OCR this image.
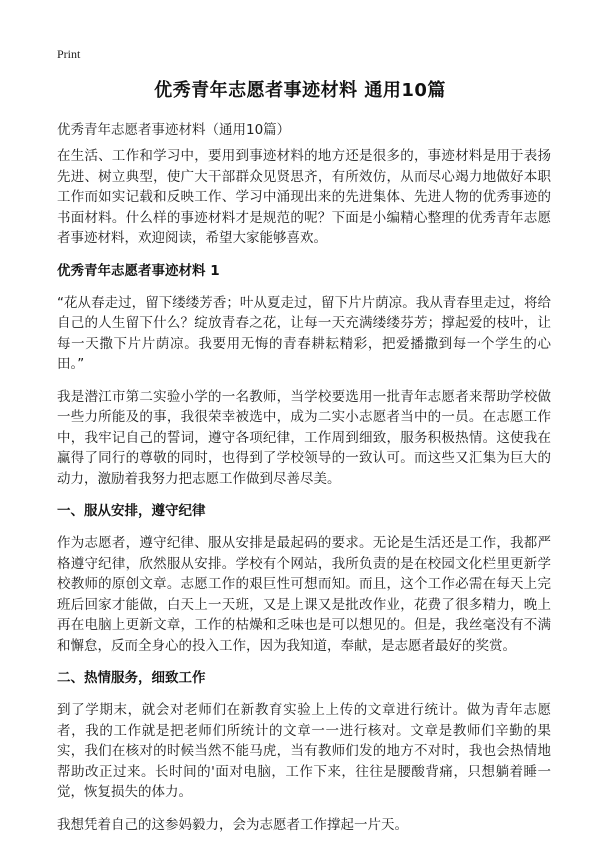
Print
优秀青年志愿者事迹材料 通用10篇
优秀青年志愿者事迹材料（通用10篇）

在生活、工作和学习中，要用到事迹材料的地方还是很多的，事迹材料是用于表扬先进、树立典型，使广大干部群众见贤思齐，有所效仿，从而尽心竭力地做好本职工作而如实记载和反映工作、学习中涌现出来的先进集体、先进人物的优秀事迹的书面材料。什么样的事迹材料才是规范的呢？下面是小编精心整理的优秀青年志愿者事迹材料，欢迎阅读，希望大家能够喜欢。

优秀青年志愿者事迹材料 1

“花从春走过，留下缕缕芳香；叶从夏走过，留下片片荫凉。我从青春里走过，将给自己的人生留下什么？绽放青春之花，让每一天充满缕缕芬芳；撑起爱的枝叶，让每一天撒下片片荫凉。我要用无悔的青春耕耘精彩，把爱播撒到每一个学生的心田。”

我是潜江市第二实验小学的一名教师，当学校要选用一批青年志愿者来帮助学校做一些力所能及的事，我很荣幸被选中，成为二实小志愿者当中的一员。在志愿工作中，我牢记自己的誓词，遵守各项纪律，工作周到细致，服务积极热情。这使我在赢得了同行的尊敬的同时，也得到了学校领导的一致认可。而这些又汇集为巨大的动力，激励着我努力把志愿工作做到尽善尽美。

一、服从安排，遵守纪律

作为志愿者，遵守纪律、服从安排是最起码的要求。无论是生活还是工作，我都严格遵守纪律，欣然服从安排。学校有个网站，我所负责的是在校园文化栏里更新学校教师的原创文章。志愿工作的艰巨性可想而知。而且，这个工作必需在每天上完班后回家才能做，白天上一天班，又是上课又是批改作业，花费了很多精力，晚上再在电脑上更新文章，工作的枯燥和乏味也是可以想见的。但是，我丝毫没有不满和懈怠，反而全身心的投入工作，因为我知道，奉献，是志愿者最好的奖赏。

二、热情服务，细致工作

到了学期末，就会对老师们在新教育实验上上传的文章进行统计。做为青年志愿者，我的工作就是把老师们所统计的文章一一进行核对。文章是教师们辛勤的果实，我们在核对的时候当然不能马虎，当有教师们发的地方不对时，我也会热情地帮助改正过来。长时间的'面对电脑，工作下来，往往是腰酸背痛，只想躺着睡一觉，恢复损失的体力。

我想凭着自己的这参妈毅力，会为志愿者工作撑起一片天。
